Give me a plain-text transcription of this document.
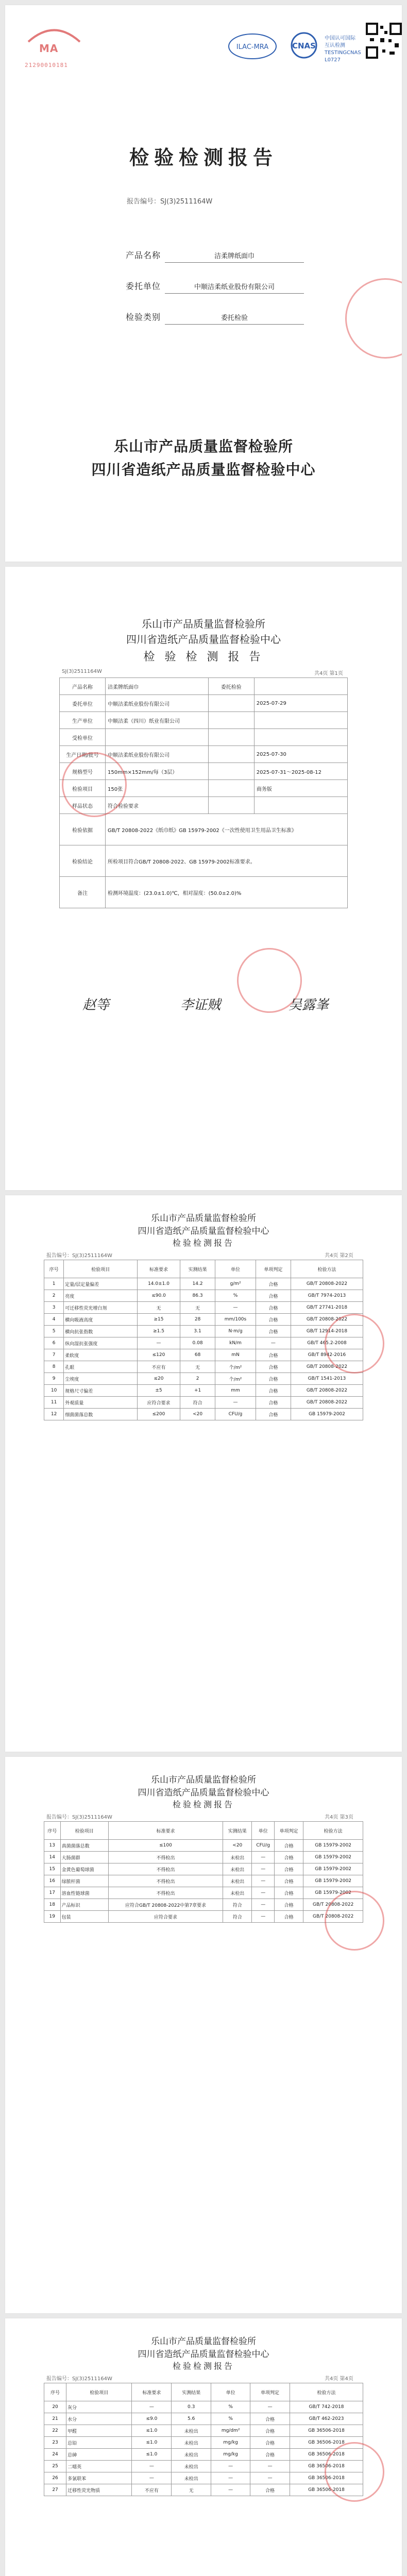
MA
21290010181
ILAC-MRA	CNAS
中国认可国际互认检测TESTINGCNAS L0727
检验检测报告
报告编号：SJ(3)2511164W
产品名称	洁柔牌纸面巾
委托单位	中顺洁柔纸业股份有限公司
检验类别	委托检验
乐山市产品质量监督检验所
四川省造纸产品质量监督检验中心
乐山市产品质量监督检验所
四川省造纸产品质量监督检验中心
检 验 检 测 报 告
SJ(3)2511164W	共4页 第1页
产品名称	洁柔牌纸面巾	委托检验	
委托单位	中顺洁柔纸业股份有限公司		2025-07-29
生产单位	中顺洁柔（四川）纸业有限公司		
受检单位			
生产日期/批号	中顺洁柔纸业股份有限公司		2025-07-30
规格型号	150mm×152mm/每（3层）		2025-07-31～2025-08-12
检验项目	150张		商务版
样品状态	符合检验要求		
检验依据	GB/T 20808-2022《纸巾纸》GB 15979-2002《一次性使用卫生用品卫生标准》		
检验结论	所检项目符合GB/T 20808-2022、GB 15979-2002标准要求。		
备注	检测环境温度：(23.0±1.0)℃，相对湿度：(50.0±2.0)%		
赵等	李证贼	吴露峯
乐山市产品质量监督检验所
四川省造纸产品质量监督检验中心
检验检测报告
报告编号：SJ(3)2511164W	共4页 第2页
序号	检验项目	标准要求	实测结果	单位	单项判定	检验方法
1	定量/层定量偏差	14.0±1.0	14.2	g/m²	合格	GB/T 20808-2022
2	亮度	≤90.0	86.3	%	合格	GB/T 7974-2013
3	可迁移性荧光增白剂	无	无	—	合格	GB/T 27741-2018
4	横向吸液高度	≥15	28	mm/100s	合格	GB/T 20808-2022
5	横向抗张指数	≥1.5	3.1	N·m/g	合格	GB/T 12914-2018
6	纵向湿抗张强度	—	0.08	kN/m	—	GB/T 465.2-2008
7	柔软度	≤120	68	mN	合格	GB/T 8942-2016
8	孔眼	不应有	无	个/m²	合格	GB/T 20808-2022
9	尘埃度	≤20	2	个/m²	合格	GB/T 1541-2013
10	规格尺寸偏差	±5	+1	mm	合格	GB/T 20808-2022
11	外观质量	应符合要求	符合	—	合格	GB/T 20808-2022
12	细菌菌落总数	≤200	<20	CFU/g	合格	GB 15979-2002
乐山市产品质量监督检验所
四川省造纸产品质量监督检验中心
检验检测报告
报告编号：SJ(3)2511164W	共4页 第3页
序号	检验项目	标准要求	实测结果	单位	单项判定	检验方法
13	真菌菌落总数	≤100	<20	CFU/g	合格	GB 15979-2002
14	大肠菌群	不得检出	未检出	—	合格	GB 15979-2002
15	金黄色葡萄球菌	不得检出	未检出	—	合格	GB 15979-2002
16	绿脓杆菌	不得检出	未检出	—	合格	GB 15979-2002
17	溶血性链球菌	不得检出	未检出	—	合格	GB 15979-2002
18	产品标识	应符合GB/T 20808-2022中第7章要求	符合	—	合格	GB/T 20808-2022
19	包装	应符合要求	符合	—	合格	GB/T 20808-2022
乐山市产品质量监督检验所
四川省造纸产品质量监督检验中心
检验检测报告
报告编号：SJ(3)2511164W	共4页 第4页
序号	检验项目	标准要求	实测结果	单位	单项判定	检验方法
20	灰分	—	0.3	%	—	GB/T 742-2018
21	水分	≤9.0	5.6	%	合格	GB/T 462-2023
22	甲醛	≤1.0	未检出	mg/dm²	合格	GB 36506-2018
23	总铅	≤1.0	未检出	mg/kg	合格	GB 36506-2018
24	总砷	≤1.0	未检出	mg/kg	合格	GB 36506-2018
25	二噁英	—	未检出	—	—	GB 36506-2018
26	多氯联苯	—	未检出	—	—	GB 36506-2018
27	迁移性荧光物质	不应有	无	—	合格	GB 36506-2018
